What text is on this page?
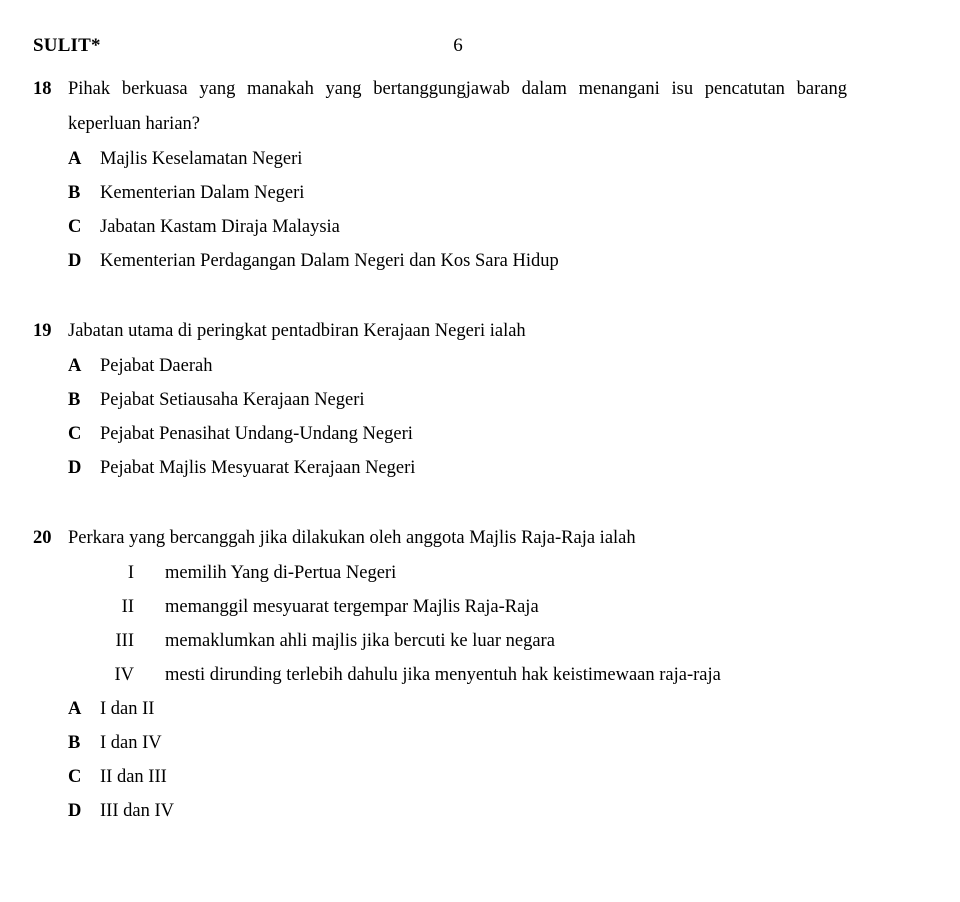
SULIT*	6
18 Pihak berkuasa yang manakah yang bertanggungjawab dalam menangani isu pencatutan barang keperluan harian?
A Majlis Keselamatan Negeri
B Kementerian Dalam Negeri
C Jabatan Kastam Diraja Malaysia
D Kementerian Perdagangan Dalam Negeri dan Kos Sara Hidup
19 Jabatan utama di peringkat pentadbiran Kerajaan Negeri ialah
A Pejabat Daerah
B Pejabat Setiausaha Kerajaan Negeri
C Pejabat Penasihat Undang-Undang Negeri
D Pejabat Majlis Mesyuarat Kerajaan Negeri
20 Perkara yang bercanggah jika dilakukan oleh anggota Majlis Raja-Raja ialah
I memilih Yang di-Pertua Negeri
II memanggil mesyuarat tergempar Majlis Raja-Raja
III memaklumkan ahli majlis jika bercuti ke luar negara
IV mesti dirunding terlebih dahulu jika menyentuh hak keistimewaan raja-raja
A I dan II
B I dan IV
C II dan III
D III dan IV
